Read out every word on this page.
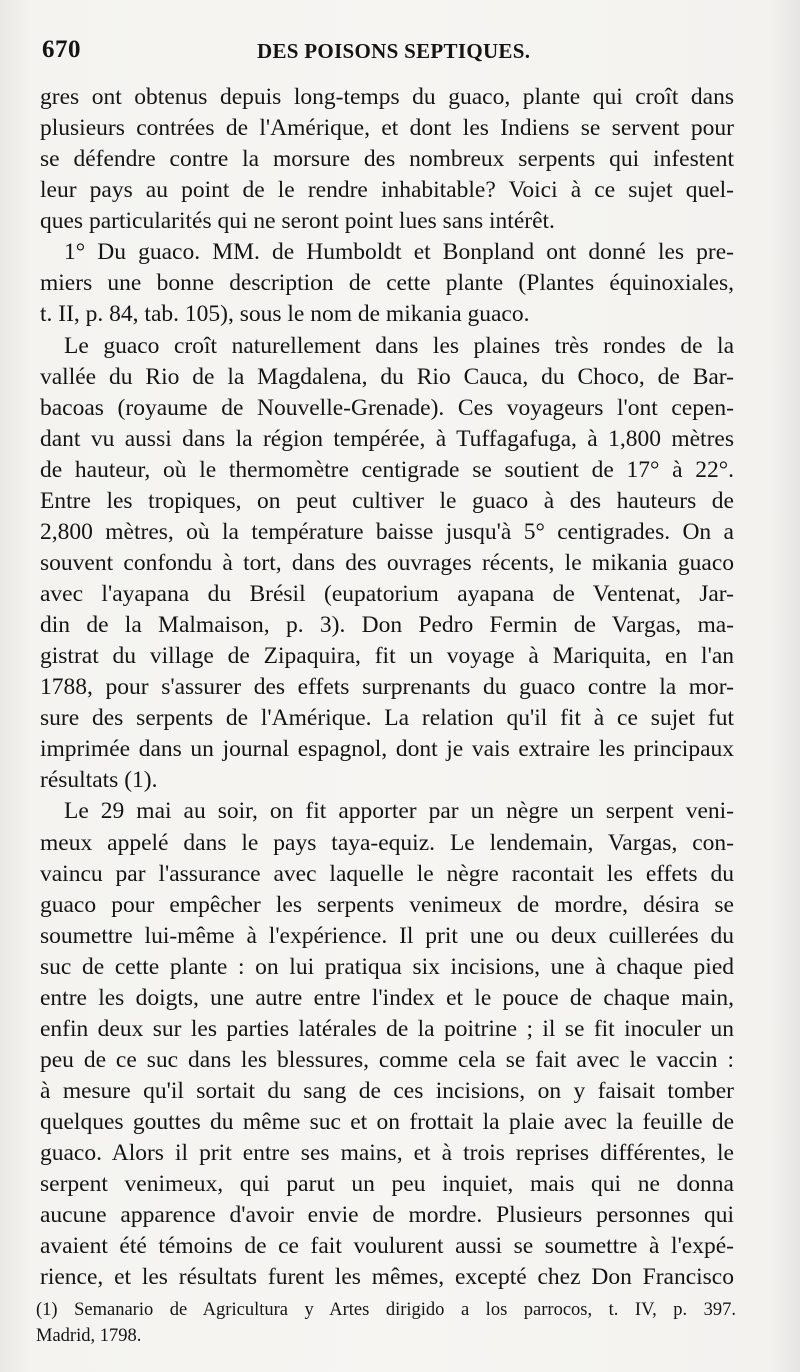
670	DES POISONS SEPTIQUES.
gres ont obtenus depuis long-temps du guaco, plante qui croît dans
plusieurs contrées de l'Amérique, et dont les Indiens se servent pour
se défendre contre la morsure des nombreux serpents qui infestent
leur pays au point de le rendre inhabitable? Voici à ce sujet quel-
ques particularités qui ne seront point lues sans intérêt.
1° Du guaco. MM. de Humboldt et Bonpland ont donné les pre-
miers une bonne description de cette plante (Plantes équinoxiales,
t. II, p. 84, tab. 105), sous le nom de mikania guaco.
Le guaco croît naturellement dans les plaines très rondes de la
vallée du Rio de la Magdalena, du Rio Cauca, du Choco, de Bar-
bacoas (royaume de Nouvelle-Grenade). Ces voyageurs l'ont cepen-
dant vu aussi dans la région tempérée, à Tuffagafuga, à 1,800 mètres
de hauteur, où le thermomètre centigrade se soutient de 17° à 22°.
Entre les tropiques, on peut cultiver le guaco à des hauteurs de
2,800 mètres, où la température baisse jusqu'à 5° centigrades. On a
souvent confondu à tort, dans des ouvrages récents, le mikania guaco
avec l'ayapana du Brésil (eupatorium ayapana de Ventenat, Jar-
din de la Malmaison, p. 3). Don Pedro Fermin de Vargas, ma-
gistrat du village de Zipaquira, fit un voyage à Mariquita, en l'an
1788, pour s'assurer des effets surprenants du guaco contre la mor-
sure des serpents de l'Amérique. La relation qu'il fit à ce sujet fut
imprimée dans un journal espagnol, dont je vais extraire les principaux
résultats (1).
Le 29 mai au soir, on fit apporter par un nègre un serpent veni-
meux appelé dans le pays taya-equiz. Le lendemain, Vargas, con-
vaincu par l'assurance avec laquelle le nègre racontait les effets du
guaco pour empêcher les serpents venimeux de mordre, désira se
soumettre lui-même à l'expérience. Il prit une ou deux cuillerées du
suc de cette plante : on lui pratiqua six incisions, une à chaque pied
entre les doigts, une autre entre l'index et le pouce de chaque main,
enfin deux sur les parties latérales de la poitrine ; il se fit inoculer un
peu de ce suc dans les blessures, comme cela se fait avec le vaccin :
à mesure qu'il sortait du sang de ces incisions, on y faisait tomber
quelques gouttes du même suc et on frottait la plaie avec la feuille de
guaco. Alors il prit entre ses mains, et à trois reprises différentes, le
serpent venimeux, qui parut un peu inquiet, mais qui ne donna
aucune apparence d'avoir envie de mordre. Plusieurs personnes qui
avaient été témoins de ce fait voulurent aussi se soumettre à l'expé-
rience, et les résultats furent les mêmes, excepté chez Don Francisco
(1) Semanario de Agricultura y Artes dirigido a los parrocos, t. IV, p. 397.
Madrid, 1798.
